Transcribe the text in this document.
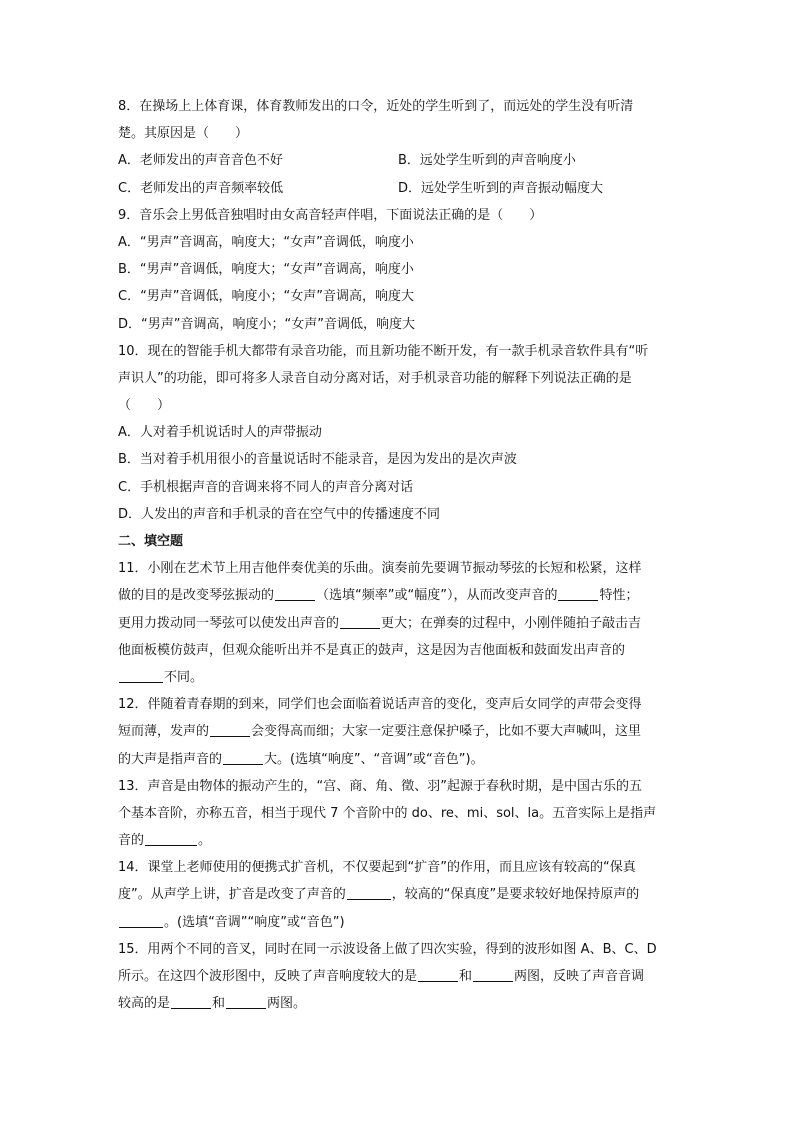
8．在操场上上体育课，体育教师发出的口令，近处的学生听到了，而远处的学生没有听清
楚。其原因是（　　）
A．老师发出的声音音色不好	B．远处学生听到的声音响度小
C．老师发出的声音频率较低	D．远处学生听到的声音振动幅度大
9．音乐会上男低音独唱时由女高音轻声伴唱，下面说法正确的是（　　）
A．“男声”音调高，响度大；“女声”音调低，响度小
B．“男声”音调低，响度大；“女声”音调高，响度小
C．“男声”音调低，响度小；“女声”音调高，响度大
D．“男声”音调高，响度小；“女声”音调低，响度大
10．现在的智能手机大都带有录音功能，而且新功能不断开发，有一款手机录音软件具有“听
声识人”的功能，即可将多人录音自动分离对话，对手机录音功能的解释下列说法正确的是
（　　）
A．人对着手机说话时人的声带振动
B．当对着手机用很小的音量说话时不能录音，是因为发出的是次声波
C．手机根据声音的音调来将不同人的声音分离对话
D．人发出的声音和手机录的音在空气中的传播速度不同
二、填空题
11．小刚在艺术节上用吉他伴奏优美的乐曲。演奏前先要调节振动琴弦的长短和松紧，这样
做的目的是改变琴弦振动的	（选填“频率”或“幅度”），从而改变声音的	特性；
更用力拨动同一琴弦可以使发出声音的	更大；在弹奏的过程中，小刚伴随拍子敲击吉
他面板模仿鼓声，但观众能听出并不是真正的鼓声，这是因为吉他面板和鼓面发出声音的
不同。
12．伴随着青春期的到来，同学们也会面临着说话声音的变化，变声后女同学的声带会变得
短而薄，发声的	会变得高而细；大家一定要注意保护嗓子，比如不要大声喊叫，这里
的大声是指声音的	大。(选填“响度”、“音调”或“音色”)。
13．声音是由物体的振动产生的，“宫、商、角、徵、羽”起源于春秋时期，是中国古乐的五
个基本音阶，亦称五音，相当于现代 7 个音阶中的 do、re、mi、sol、la。五音实际上是指声
音的	。
14．课堂上老师使用的便携式扩音机，不仅要起到“扩音”的作用，而且应该有较高的“保真
度”。从声学上讲，扩音是改变了声音的	，较高的“保真度”是要求较好地保持原声的
。(选填“音调”“响度”或“音色”)
15．用两个不同的音叉，同时在同一示波设备上做了四次实验，得到的波形如图 A、B、C、D
所示。在这四个波形图中，反映了声音响度较大的是	和	两图，反映了声音音调
较高的是	和	两图。
